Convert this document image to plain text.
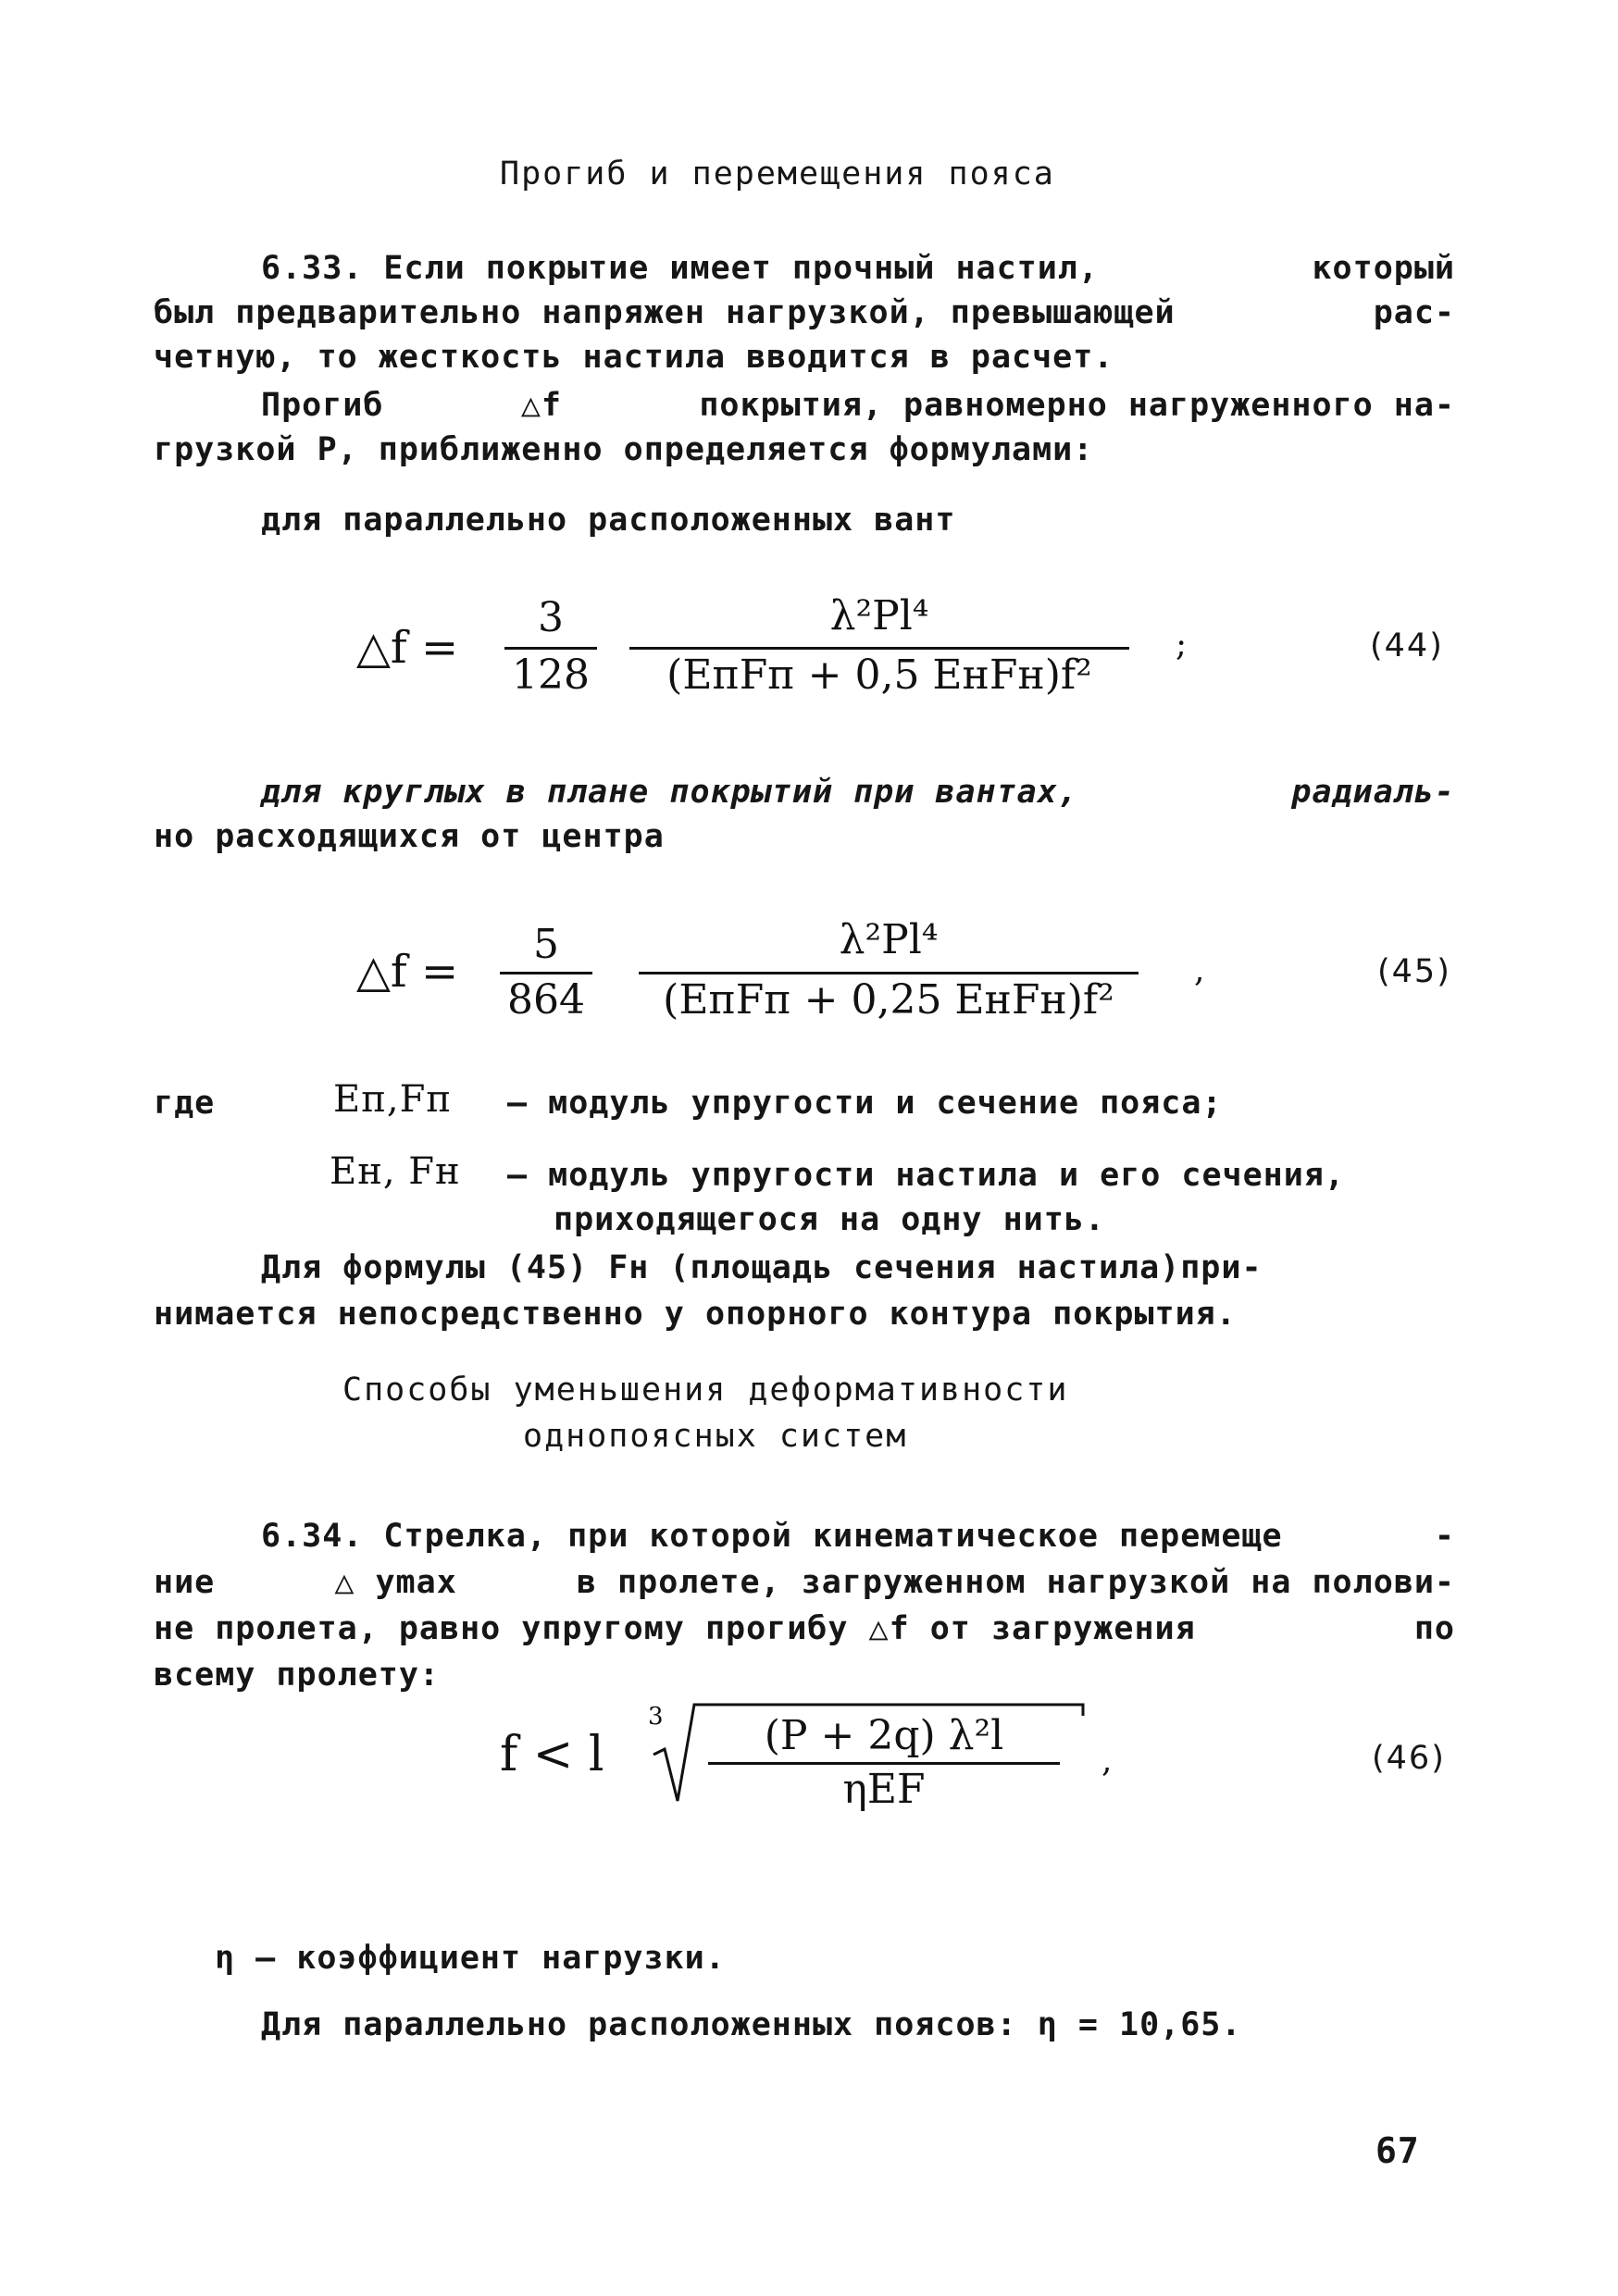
Прогиб и перемещения пояса
6.33. Если покрытие имеет прочный настил,	который
был предварительно напряжен нагрузкой, превышающей	рас-
четную, то жесткость настила вводится в расчет.
Прогиб	△f	покрытия, равномерно нагруженного на-
грузкой P, приближенно определяется формулами:
для параллельно расположенных вант
△f =
3
128
λ²Pl⁴
(EпFп + 0,5 EнFн)f²
;	(44)
для круглых в плане покрытий при вантах,	радиаль-
но расходящихся от центра
△f =
5
864
λ²Pl⁴
(EпFп + 0,25 EнFн)f²
,	(45)
где	Eп,Fп – модуль упругости и сечение пояса;
Eн, Fн – модуль упругости настила и его сечения,
приходящегося на одну нить.
Для формулы (45) Fн (площадь сечения настила)при-
нимается непосредственно у опорного контура покрытия.
Способы уменьшения деформативности
однопоясных систем
6.34. Стрелка, при которой кинематическое перемеще	-
ние	△ ymax	в пролете, загруженном нагрузкой на полови-
не пролета, равно упругому прогибу △f от загружения	по
всему пролету:
f < l
3	(P + 2q) λ²l
ηEF
,	(46)
η – коэффициент нагрузки.
Для параллельно расположенных поясов: η = 10,65.
67
